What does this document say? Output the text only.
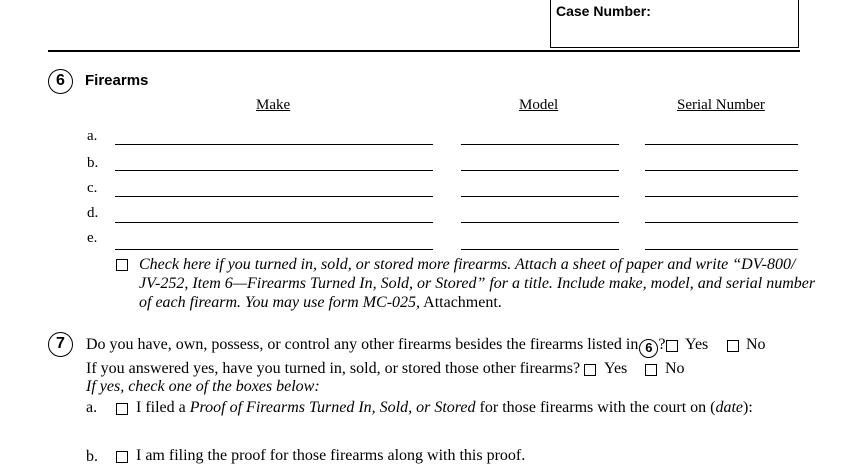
Case Number:
6	Firearms
Make	Model	Serial Number
a.
b.
c.
d.
e.
Check here if you turned in, sold, or stored more firearms. Attach a sheet of paper and write “DV-800/
JV-252, Item 6—Firearms Turned In, Sold, or Stored” for a title. Include make, model, and serial number
of each firearm. You may use form MC-025, Attachment.
7	Do you have, own, possess, or control any other firearms besides the firearms listed in 6 ? Yes No
If you answered yes, have you turned in, sold, or stored those other firearms? Yes No
If yes, check one of the boxes below:
a. I filed a Proof of Firearms Turned In, Sold, or Stored for those firearms with the court on (date):
b. I am filing the proof for those firearms along with this proof.
